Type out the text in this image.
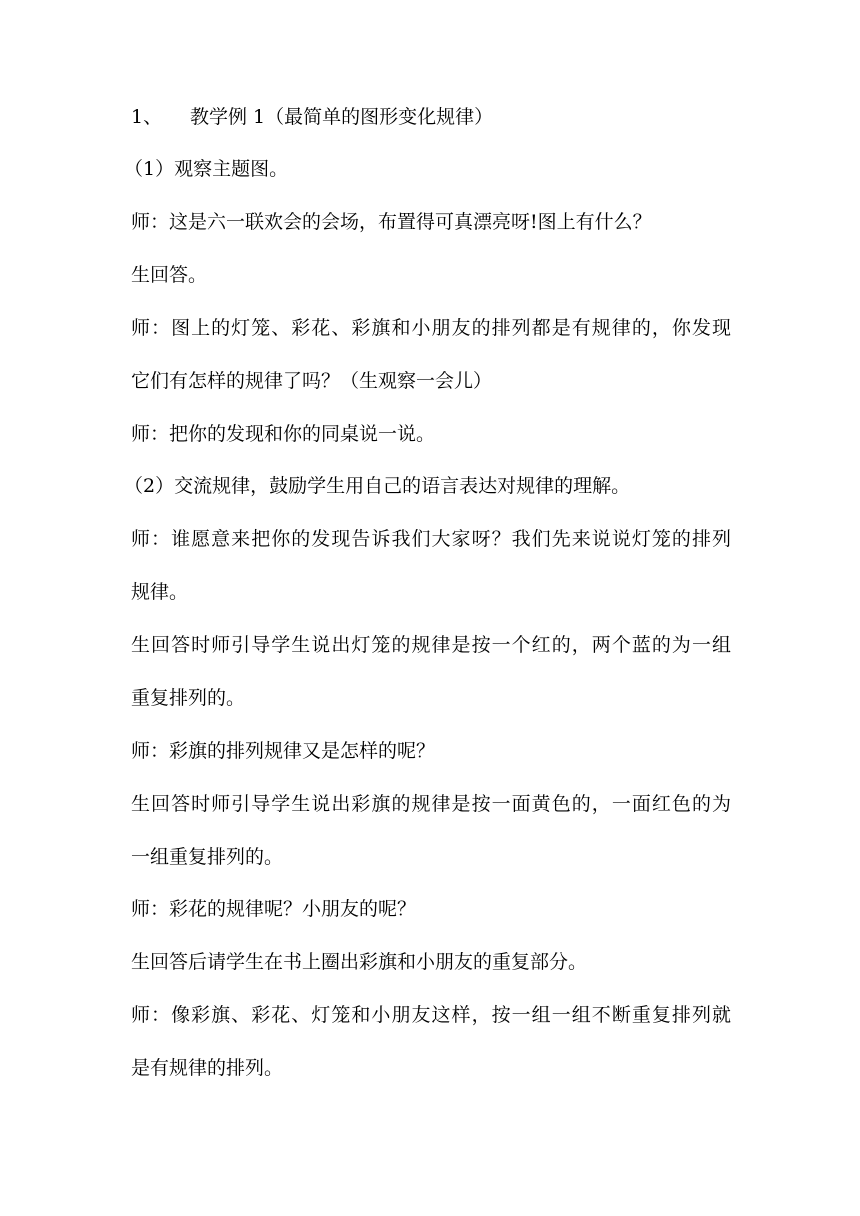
1、 教学例 1（最简单的图形变化规律）

（1）观察主题图。

师：这是六一联欢会的会场，布置得可真漂亮呀!图上有什么？

生回答。

师：图上的灯笼、彩花、彩旗和小朋友的排列都是有规律的，你发现

它们有怎样的规律了吗？（生观察一会儿）

师：把你的发现和你的同桌说一说。

（2）交流规律，鼓励学生用自己的语言表达对规律的理解。

师：谁愿意来把你的发现告诉我们大家呀？我们先来说说灯笼的排列

规律。

生回答时师引导学生说出灯笼的规律是按一个红的，两个蓝的为一组

重复排列的。

师：彩旗的排列规律又是怎样的呢？

生回答时师引导学生说出彩旗的规律是按一面黄色的，一面红色的为

一组重复排列的。

师：彩花的规律呢？小朋友的呢？

生回答后请学生在书上圈出彩旗和小朋友的重复部分。

师：像彩旗、彩花、灯笼和小朋友这样，按一组一组不断重复排列就

是有规律的排列。
